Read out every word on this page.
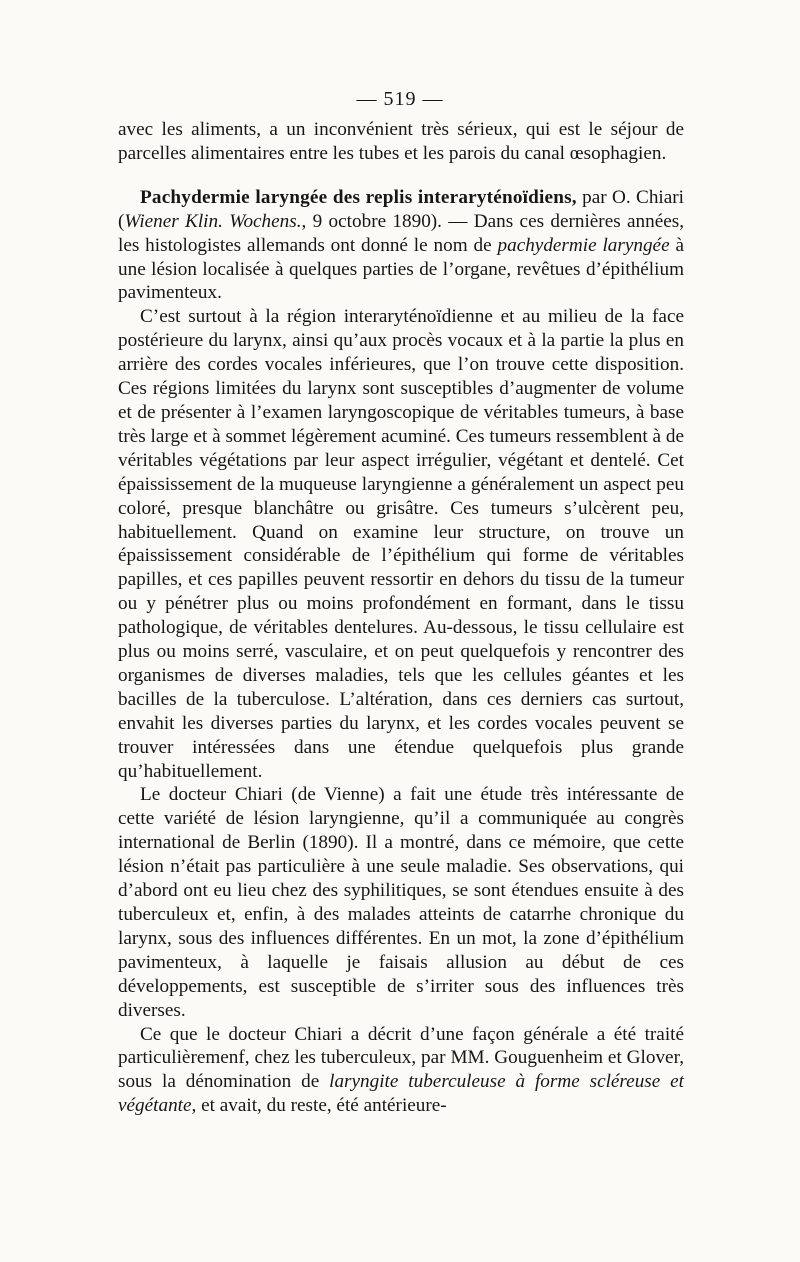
— 519 —

avec les aliments, a un inconvénient très sérieux, qui est le séjour de parcelles alimentaires entre les tubes et les parois du canal œsophagien.

Pachydermie laryngée des replis interaryténoïdiens, par O. Chiari (Wiener Klin. Wochens., 9 octobre 1890). — Dans ces dernières années, les histologistes allemands ont donné le nom de pachydermie laryngée à une lésion localisée à quelques parties de l’organe, revêtues d’épithélium pavimenteux.

C’est surtout à la région interaryténoïdienne et au milieu de la face postérieure du larynx, ainsi qu’aux procès vocaux et à la partie la plus en arrière des cordes vocales inférieures, que l’on trouve cette disposition. Ces régions limitées du larynx sont susceptibles d’augmenter de volume et de présenter à l’examen laryngoscopique de véritables tumeurs, à base très large et à sommet légèrement acuminé. Ces tumeurs ressemblent à de véritables végétations par leur aspect irrégulier, végétant et dentelé. Cet épaississement de la muqueuse laryngienne a généralement un aspect peu coloré, presque blanchâtre ou grisâtre. Ces tumeurs s’ulcèrent peu, habituellement. Quand on examine leur structure, on trouve un épaississement considérable de l’épithélium qui forme de véritables papilles, et ces papilles peuvent ressortir en dehors du tissu de la tumeur ou y pénétrer plus ou moins profondément en formant, dans le tissu pathologique, de véritables dentelures. Au-dessous, le tissu cellulaire est plus ou moins serré, vasculaire, et on peut quelquefois y rencontrer des organismes de diverses maladies, tels que les cellules géantes et les bacilles de la tuberculose. L’altération, dans ces derniers cas surtout, envahit les diverses parties du larynx, et les cordes vocales peuvent se trouver intéressées dans une étendue quelquefois plus grande qu’habituellement.

Le docteur Chiari (de Vienne) a fait une étude très intéressante de cette variété de lésion laryngienne, qu’il a communiquée au congrès international de Berlin (1890). Il a montré, dans ce mémoire, que cette lésion n’était pas particulière à une seule maladie. Ses observations, qui d’abord ont eu lieu chez des syphilitiques, se sont étendues ensuite à des tuberculeux et, enfin, à des malades atteints de catarrhe chronique du larynx, sous des influences différentes. En un mot, la zone d’épithélium pavimenteux, à laquelle je faisais allusion au début de ces développements, est susceptible de s’irriter sous des influences très diverses.

Ce que le docteur Chiari a décrit d’une façon générale a été traité particulièremenf, chez les tuberculeux, par MM. Gouguenheim et Glover, sous la dénomination de laryngite tuberculeuse à forme scléreuse et végétante, et avait, du reste, été antérieure-
